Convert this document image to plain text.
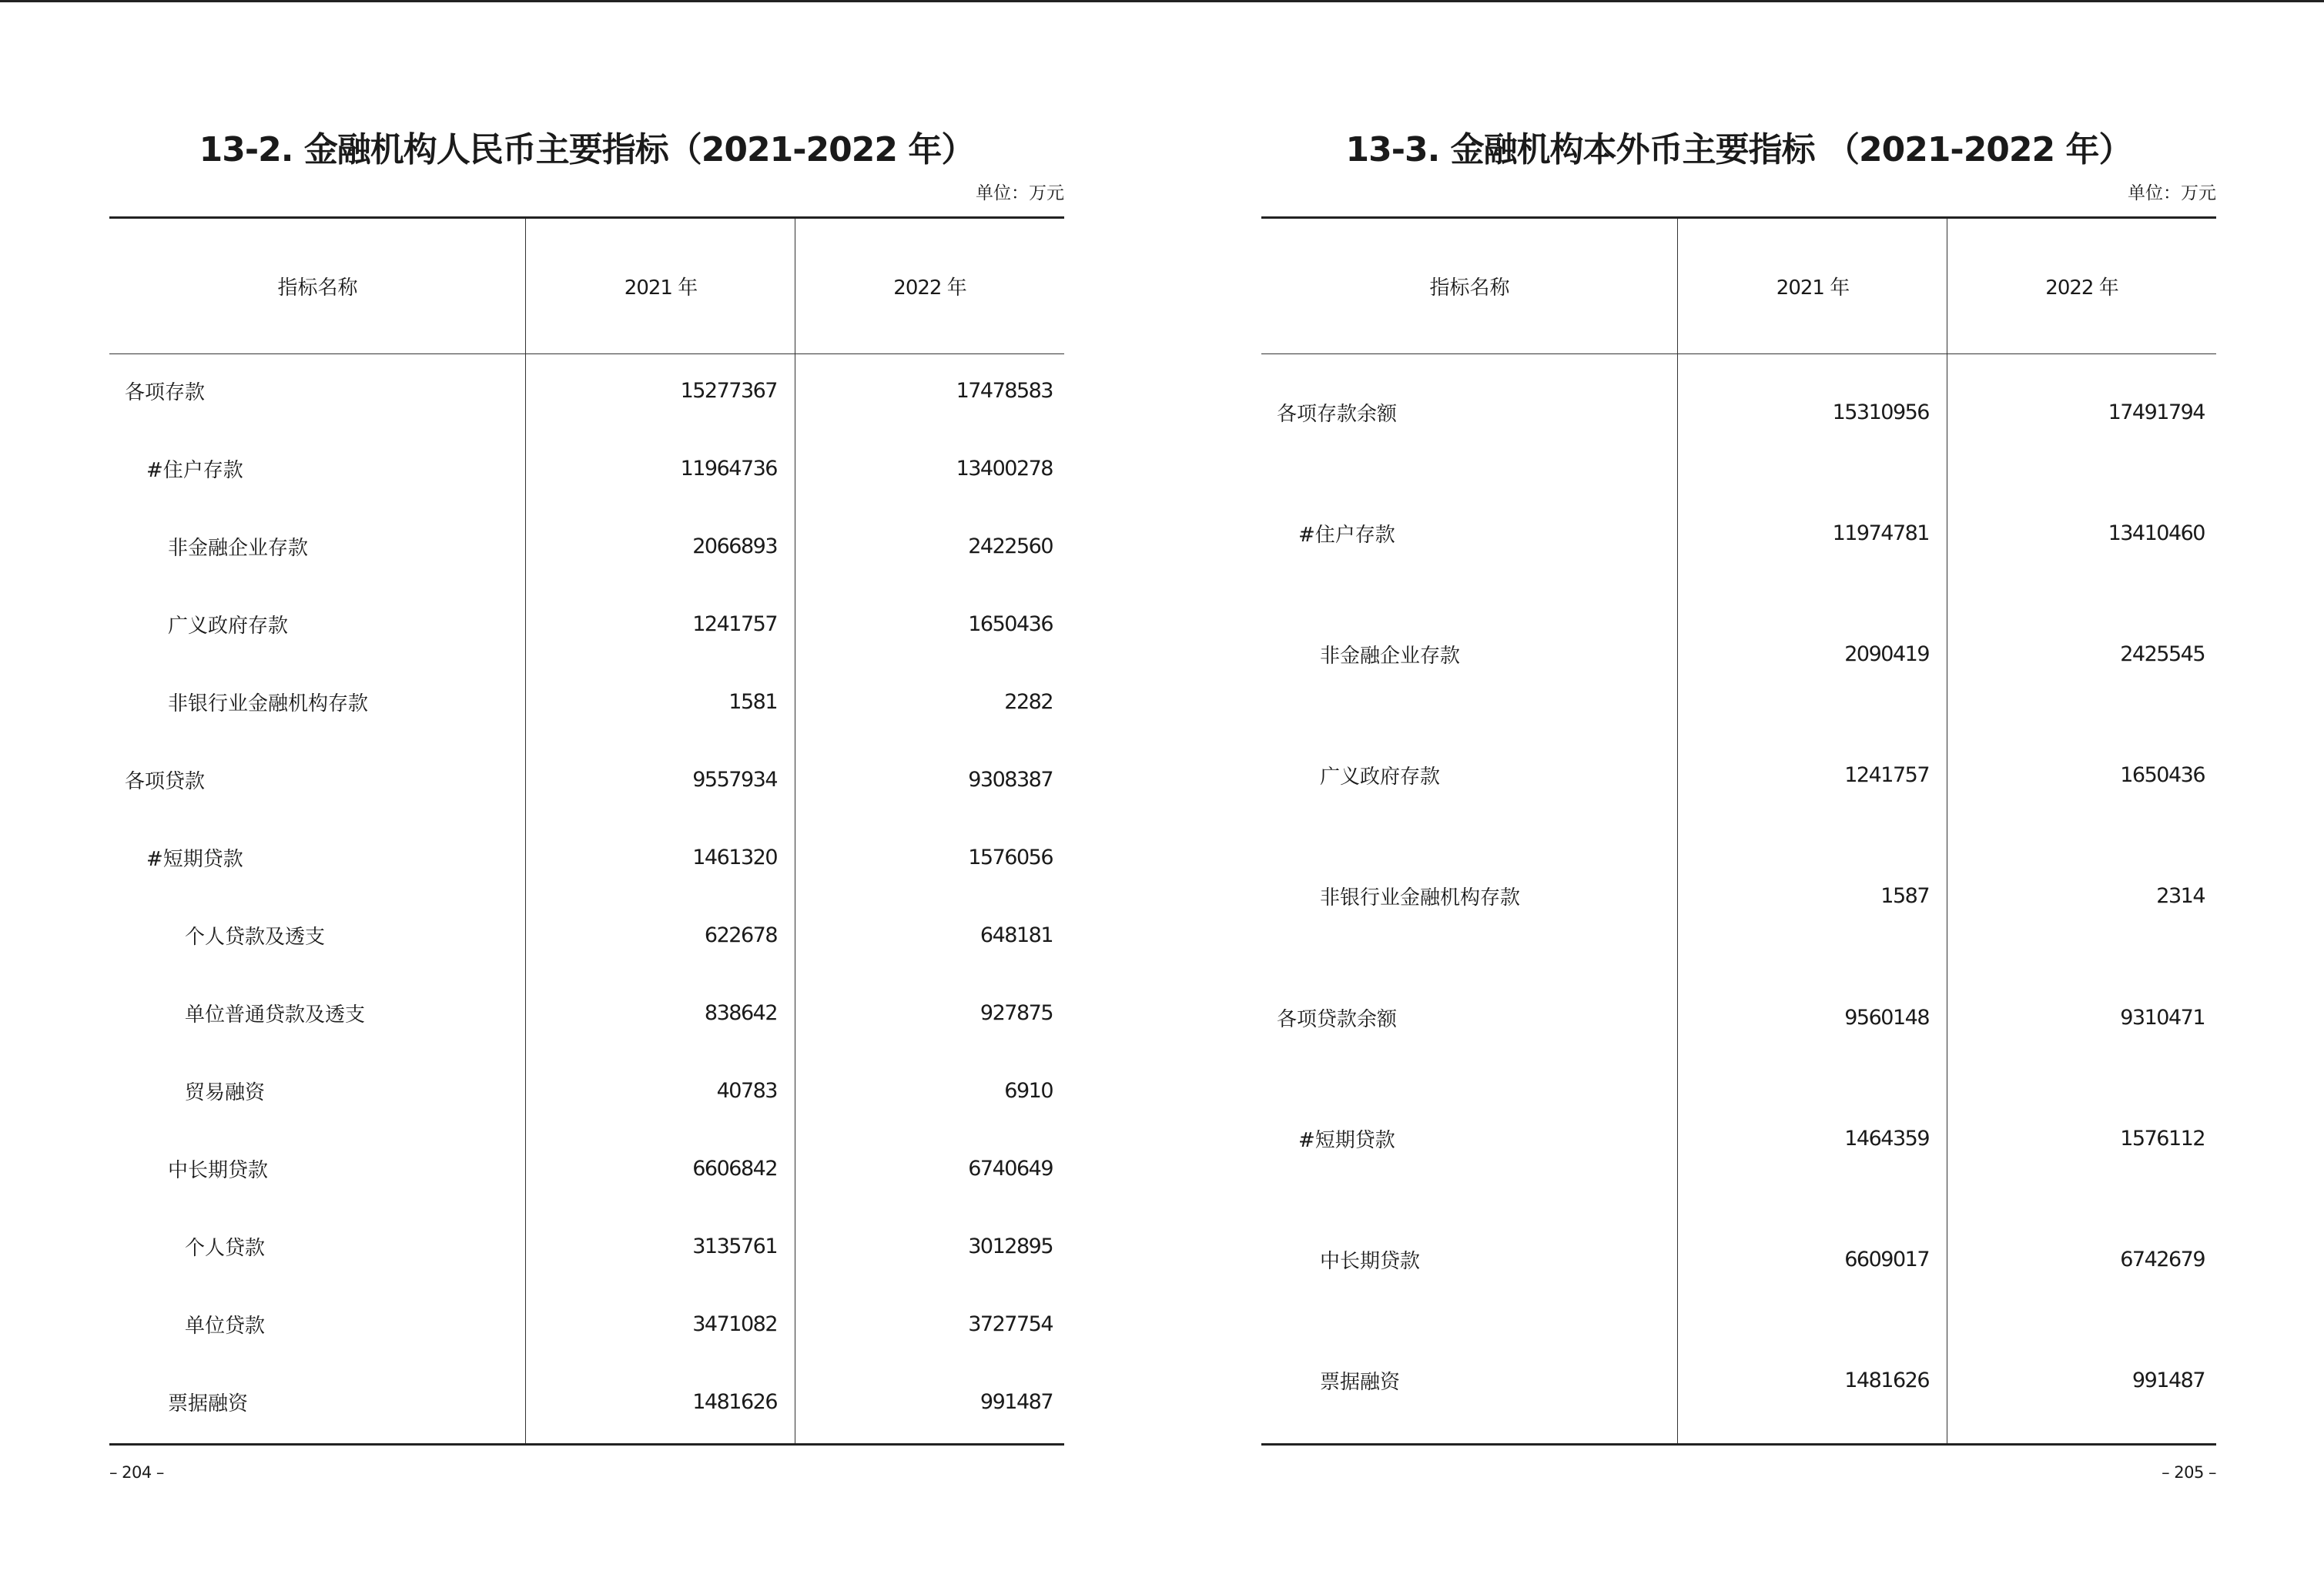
13-2. 金融机构人民币主要指标（2021-2022 年）
单位：万元
指标名称	2021 年	2022 年
各项存款	15277367	17478583
#住户存款	11964736	13400278
非金融企业存款	2066893	2422560
广义政府存款	1241757	1650436
非银行业金融机构存款	1581	2282
各项贷款	9557934	9308387
#短期贷款	1461320	1576056
个人贷款及透支	622678	648181
单位普通贷款及透支	838642	927875
贸易融资	40783	6910
中长期贷款	6606842	6740649
个人贷款	3135761	3012895
单位贷款	3471082	3727754
票据融资	1481626	991487
– 204 –
13-3. 金融机构本外币主要指标 （2021-2022 年）
单位：万元
指标名称	2021 年	2022 年
各项存款余额	15310956	17491794
#住户存款	11974781	13410460
非金融企业存款	2090419	2425545
广义政府存款	1241757	1650436
非银行业金融机构存款	1587	2314
各项贷款余额	9560148	9310471
#短期贷款	1464359	1576112
中长期贷款	6609017	6742679
票据融资	1481626	991487
– 205 –
